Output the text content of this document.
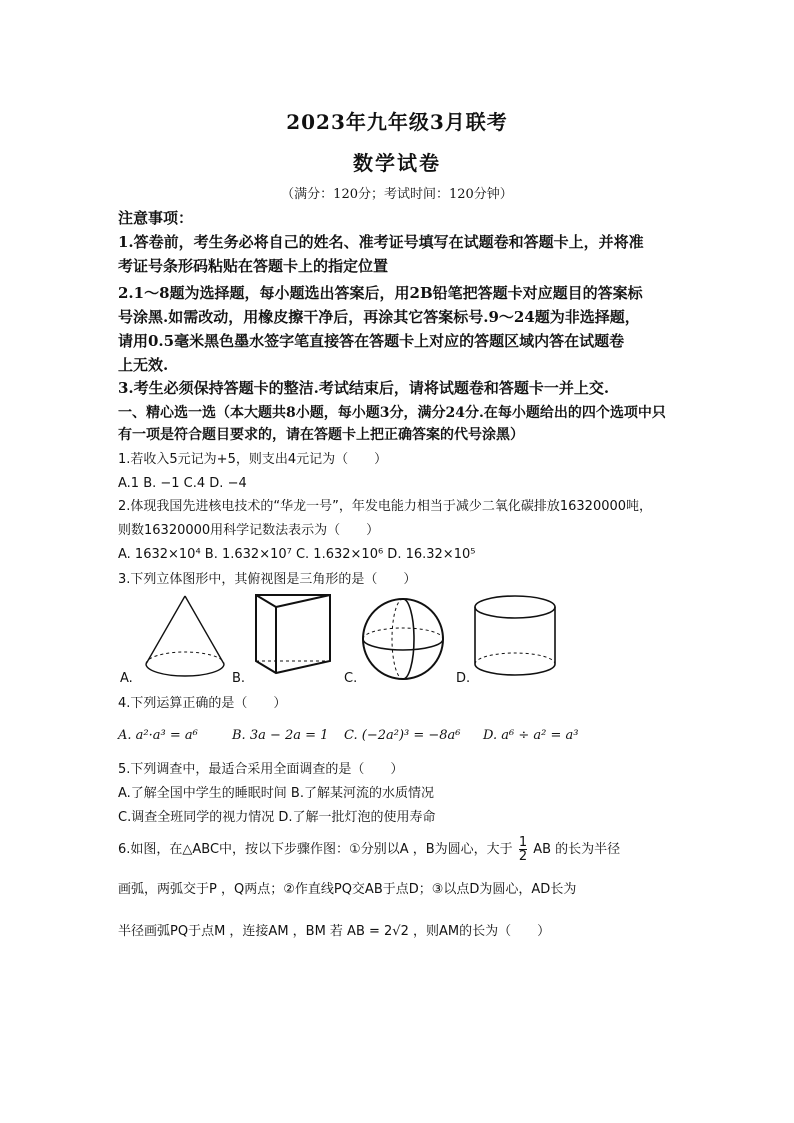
2023年九年级3月联考
数学试卷
（满分：120分；考试时间：120分钟）
注意事项：
1.答卷前，考生务必将自己的姓名、准考证号填写在试题卷和答题卡上，并将准
考证号条形码粘贴在答题卡上的指定位置
2.1～8题为选择题，每小题选出答案后，用2B铅笔把答题卡对应题目的答案标
号涂黑.如需改动，用橡皮擦干净后，再涂其它答案标号.9～24题为非选择题，
请用0.5毫米黑色墨水签字笔直接答在答题卡上对应的答题区域内答在试题卷
上无效.
3.考生必须保持答题卡的整洁.考试结束后，请将试题卷和答题卡一并上交.
一、精心选一选（本大题共8小题，每小题3分，满分24分.在每小题给出的四个选项中只
有一项是符合题目要求的，请在答题卡上把正确答案的代号涂黑）
1.若收入5元记为+5，则支出4元记为（　　）
A.1 B. −1 C.4 D. −4
2.体现我国先进核电技术的“华龙一号”，年发电能力相当于减少二氧化碳排放16320000吨，
则数16320000用科学记数法表示为（　　）
A. 1632×10⁴ B. 1.632×10⁷ C. 1.632×10⁶ D. 16.32×10⁵
3.下列立体图形中，其俯视图是三角形的是（　　）
A.	B.	C.	D.
4.下列运算正确的是（　　）
A. a²·a³ = a⁶	B. 3a − 2a = 1 C. (−2a²)³ = −8a⁶ D. a⁶ ÷ a² = a³
5.下列调查中，最适合采用全面调查的是（　　）
A.了解全国中学生的睡眠时间 B.了解某河流的水质情况
C.调查全班同学的视力情况 D.了解一批灯泡的使用寿命
6.如图，在△ABC中，按以下步骤作图：①分别以A ，B为圆心，大于 $\frac{1}{2}$ AB 的长为半径
画弧，两弧交于P ，Q两点；②作直线PQ交AB于点D；③以点D为圆心，AD长为
半径画弧PQ于点M ，连接AM ，BM 若 AB = 2√2 ，则AM的长为（　　）
